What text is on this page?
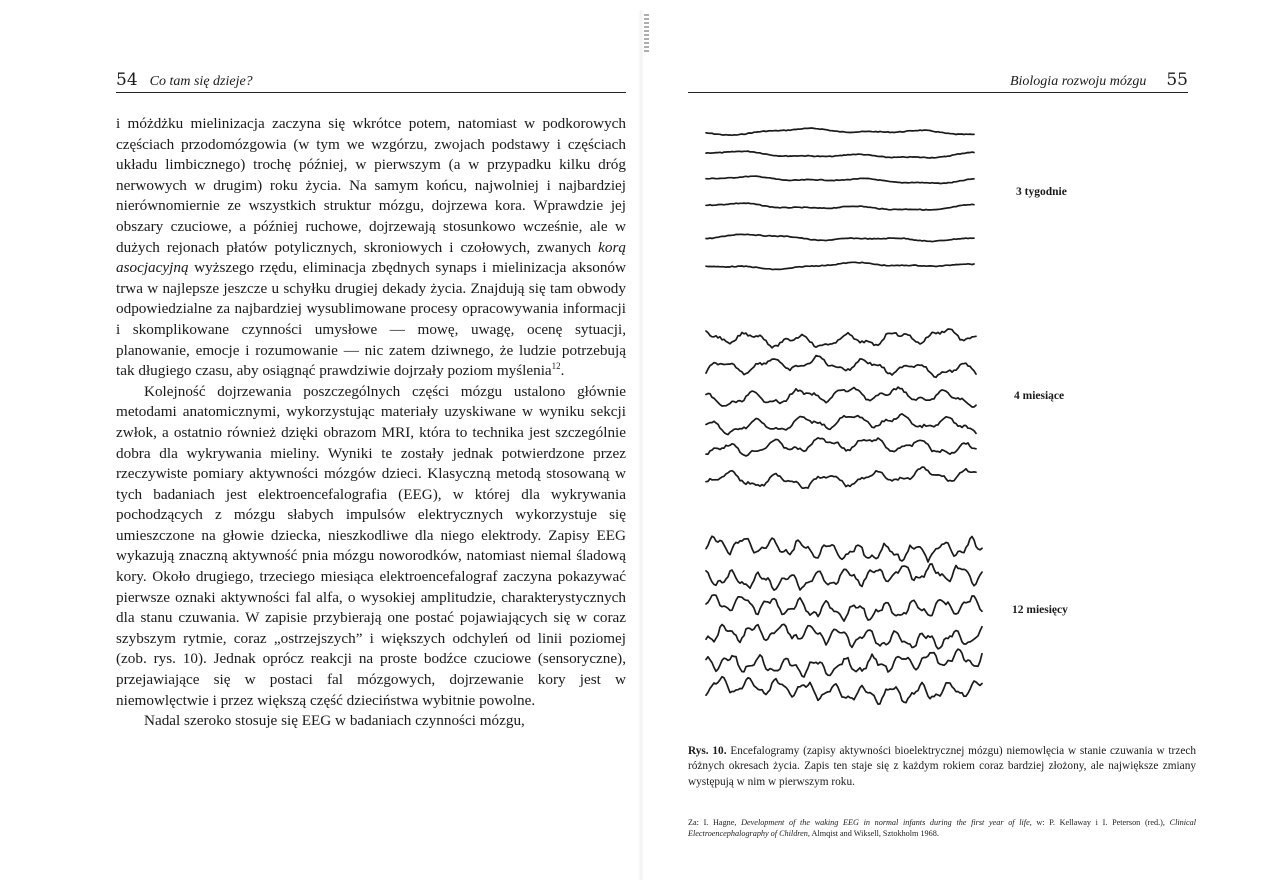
54 Co tam się dzieje?

i móżdżku mielinizacja zaczyna się wkrótce potem, natomiast w podkorowych częściach przodomózgowia (w tym we wzgórzu, zwojach podstawy i częściach układu limbicznego) trochę później, w pierwszym (a w przypadku kilku dróg nerwowych w drugim) roku życia. Na samym końcu, najwolniej i najbardziej nierównomiernie ze wszystkich struktur mózgu, dojrzewa kora. Wprawdzie jej obszary czuciowe, a później ruchowe, dojrzewają stosunkowo wcześnie, ale w dużych rejonach płatów potylicznych, skroniowych i czołowych, zwanych korą asocjacyjną wyższego rzędu, eliminacja zbędnych synaps i mielinizacja aksonów trwa w najlepsze jeszcze u schyłku drugiej dekady życia. Znajdują się tam obwody odpowiedzialne za najbardziej wysublimowane procesy opracowywania informacji i skomplikowane czynności umysłowe — mowę, uwagę, ocenę sytuacji, planowanie, emocje i rozumowanie — nic zatem dziwnego, że ludzie potrzebują tak długiego czasu, aby osiągnąć prawdziwie dojrzały poziom myślenia$^{12}$.

Kolejność dojrzewania poszczególnych części mózgu ustalono głównie metodami anatomicznymi, wykorzystując materiały uzyskiwane w wyniku sekcji zwłok, a ostatnio również dzięki obrazom MRI, która to technika jest szczególnie dobra dla wykrywania mieliny. Wyniki te zostały jednak potwierdzone przez rzeczywiste pomiary aktywności mózgów dzieci. Klasyczną metodą stosowaną w tych badaniach jest elektroencefalografia (EEG), w której dla wykrywania pochodzących z mózgu słabych impulsów elektrycznych wykorzystuje się umieszczone na głowie dziecka, nieszkodliwe dla niego elektrody. Zapisy EEG wykazują znaczną aktywność pnia mózgu noworodków, natomiast niemal śladową kory. Około drugiego, trzeciego miesiąca elektroencefalograf zaczyna pokazywać pierwsze oznaki aktywności fal alfa, o wysokiej amplitudzie, charakterystycznych dla stanu czuwania. W zapisie przybierają one postać pojawiających się w coraz szybszym rytmie, coraz „ostrzejszych” i większych odchyleń od linii poziomej (zob. rys. 10). Jednak oprócz reakcji na proste bodźce czuciowe (sensoryczne), przejawiające się w postaci fal mózgowych, dojrzewanie kory jest w niemowlęctwie i przez większą część dzieciństwa wybitnie powolne.

Nadal szeroko stosuje się EEG w badaniach czynności mózgu,

Biologia rozwoju mózgu 55
3 tygodnie
4 miesiące
12 miesięcy
Rys. 10. Encefalogramy (zapisy aktywności bioelektrycznej mózgu) niemowlęcia w stanie czuwania w trzech różnych okresach życia. Zapis ten staje się z każdym rokiem coraz bardziej złożony, ale największe zmiany występują w nim w pierwszym roku.
Za: I. Hagne, Development of the waking EEG in normal infants during the first year of life, w: P. Kellaway i I. Peterson (red.), Clinical Electroencephalography of Children, Almqist and Wiksell, Sztokholm 1968.
